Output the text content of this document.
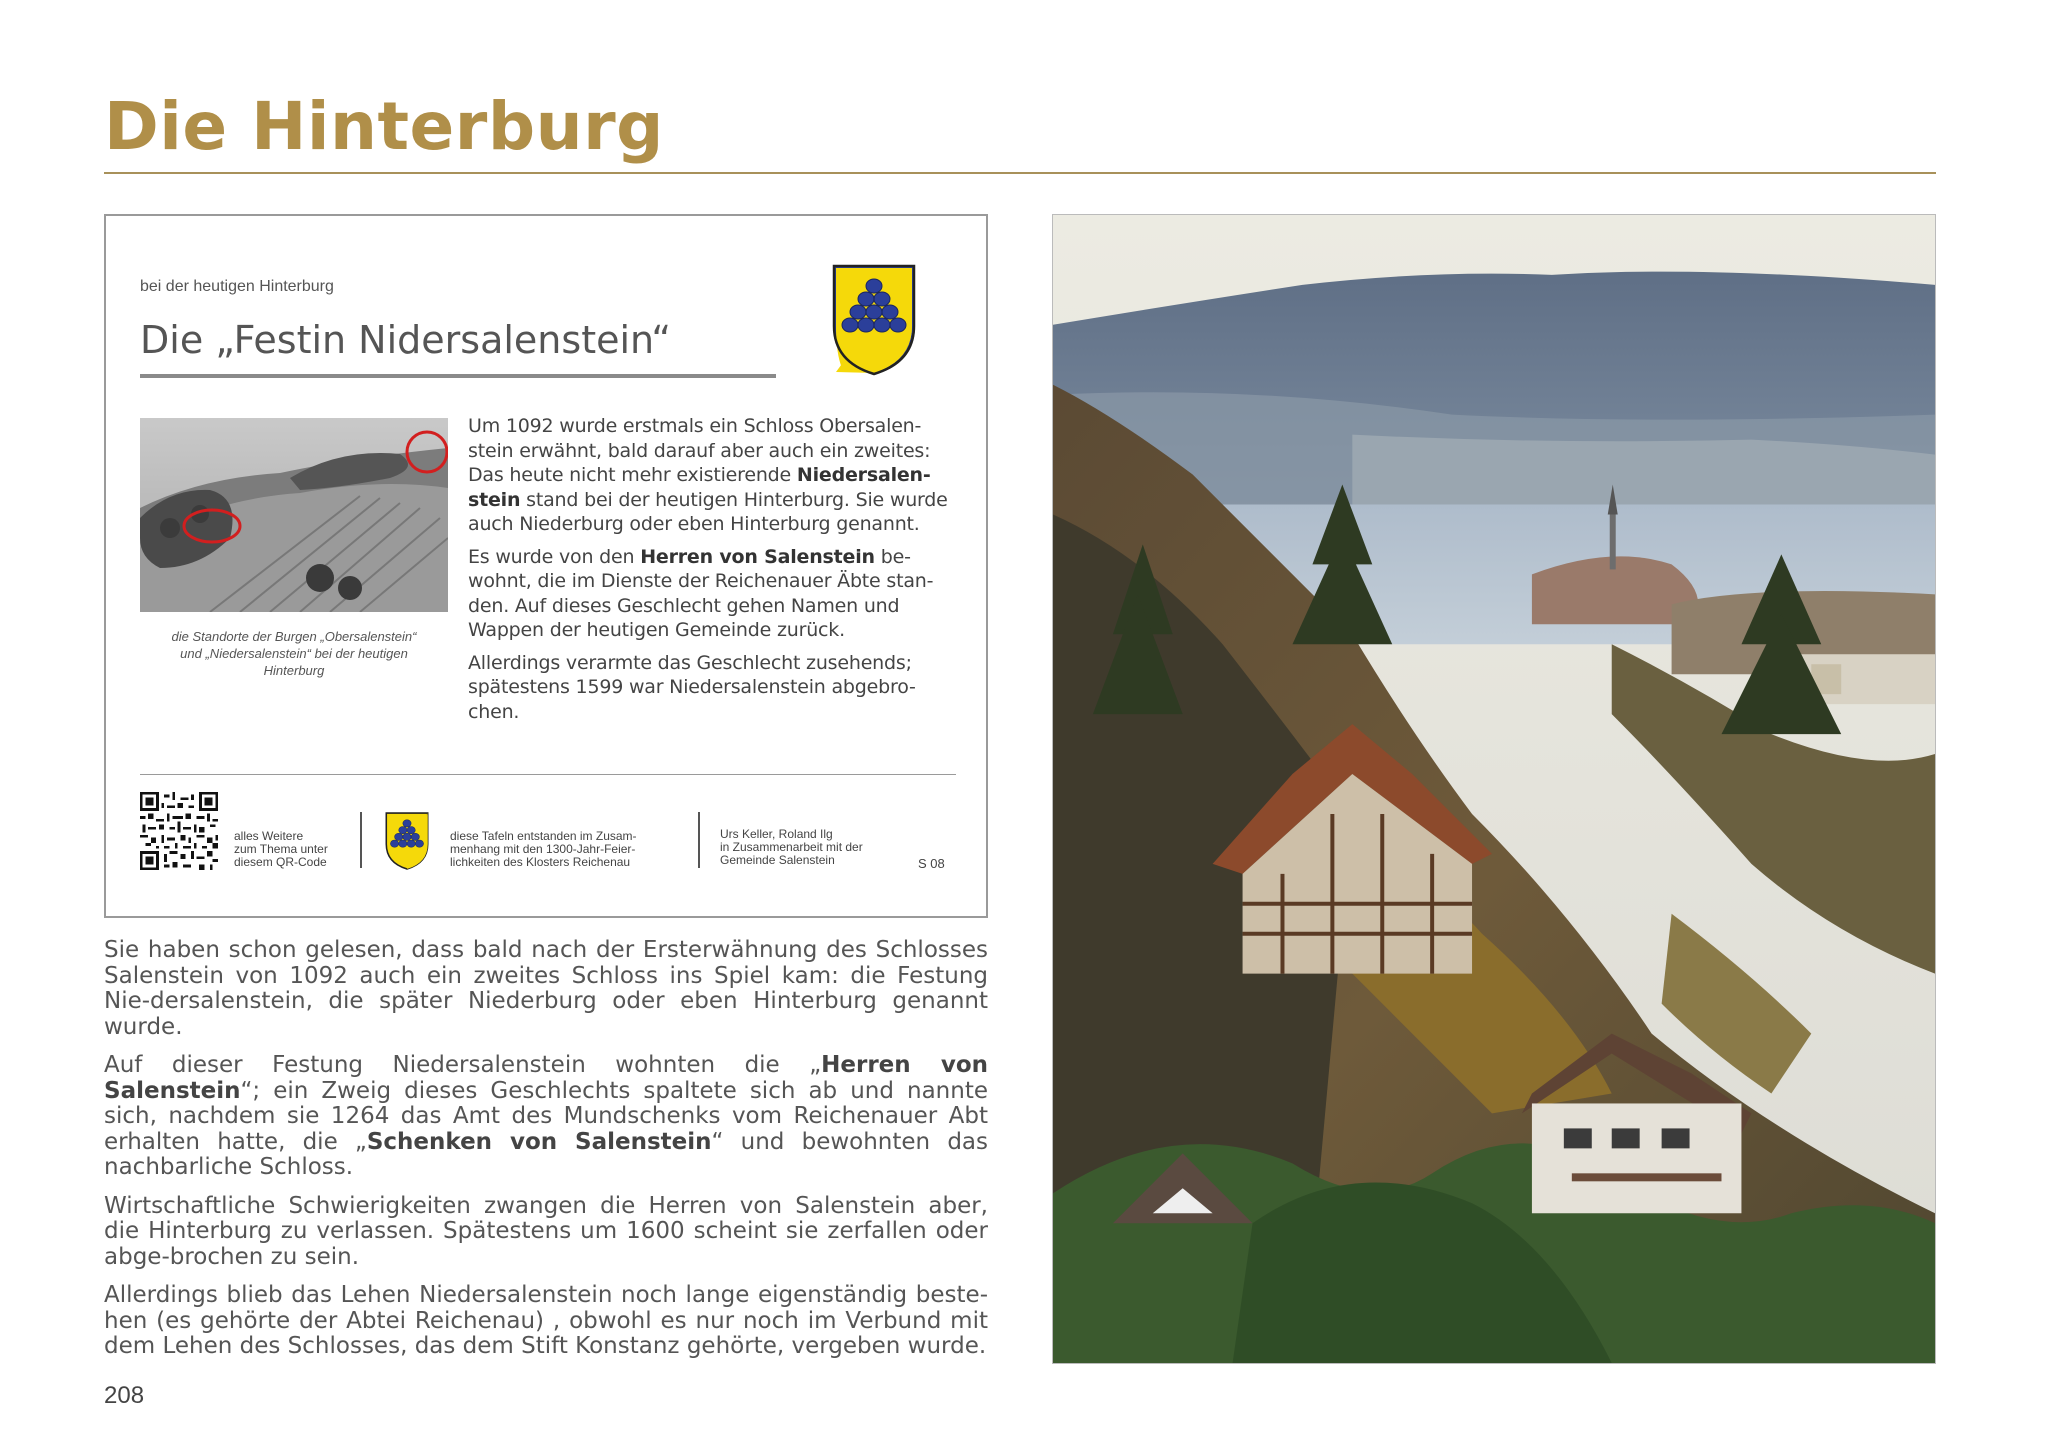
Die Hinterburg
bei der heutigen Hinterburg
Die „Festin Nidersalenstein“
die Standorte der Burgen „Obersalenstein“
und „Niedersalenstein“ bei der heutigen
Hinterburg

Um 1092 wurde erstmals ein Schloss Obersalen-stein erwähnt, bald darauf aber auch ein zweites: Das heute nicht mehr existierende Niedersalen-stein stand bei der heutigen Hinterburg. Sie wurde auch Niederburg oder eben Hinterburg genannt.

Es wurde von den Herren von Salenstein be-wohnt, die im Dienste der Reichenauer Äbte stan-den. Auf dieses Geschlecht gehen Namen und Wappen der heutigen Gemeinde zurück.

Allerdings verarmte das Geschlecht zusehends; spätestens 1599 war Niedersalenstein abgebro-chen.

alles Weitere
zum Thema unter
diesem QR-Code
diese Tafeln entstanden im Zusam-
menhang mit den 1300-Jahr-Feier-
lichkeiten des Klosters Reichenau
Urs Keller, Roland Ilg
in Zusammenarbeit mit der
Gemeinde Salenstein	S 08

Sie haben schon gelesen, dass bald nach der Ersterwähnung des Schlosses Salenstein von 1092 auch ein zweites Schloss ins Spiel kam: die Festung Nie-dersalenstein, die später Niederburg oder eben Hinterburg genannt wurde.

Auf dieser Festung Niedersalenstein wohnten die „Herren von Salenstein“; ein Zweig dieses Geschlechts spaltete sich ab und nannte sich, nachdem sie 1264 das Amt des Mundschenks vom Reichenauer Abt erhalten hatte, die „Schenken von Salenstein“ und bewohnten das nachbarliche Schloss.

Wirtschaftliche Schwierigkeiten zwangen die Herren von Salenstein aber, die Hinterburg zu verlassen. Spätestens um 1600 scheint sie zerfallen oder abge-brochen zu sein.

Allerdings blieb das Lehen Niedersalenstein noch lange eigenständig beste-hen (es gehörte der Abtei Reichenau) , obwohl es nur noch im Verbund mit dem Lehen des Schlosses, das dem Stift Konstanz gehörte, vergeben wurde.

208
